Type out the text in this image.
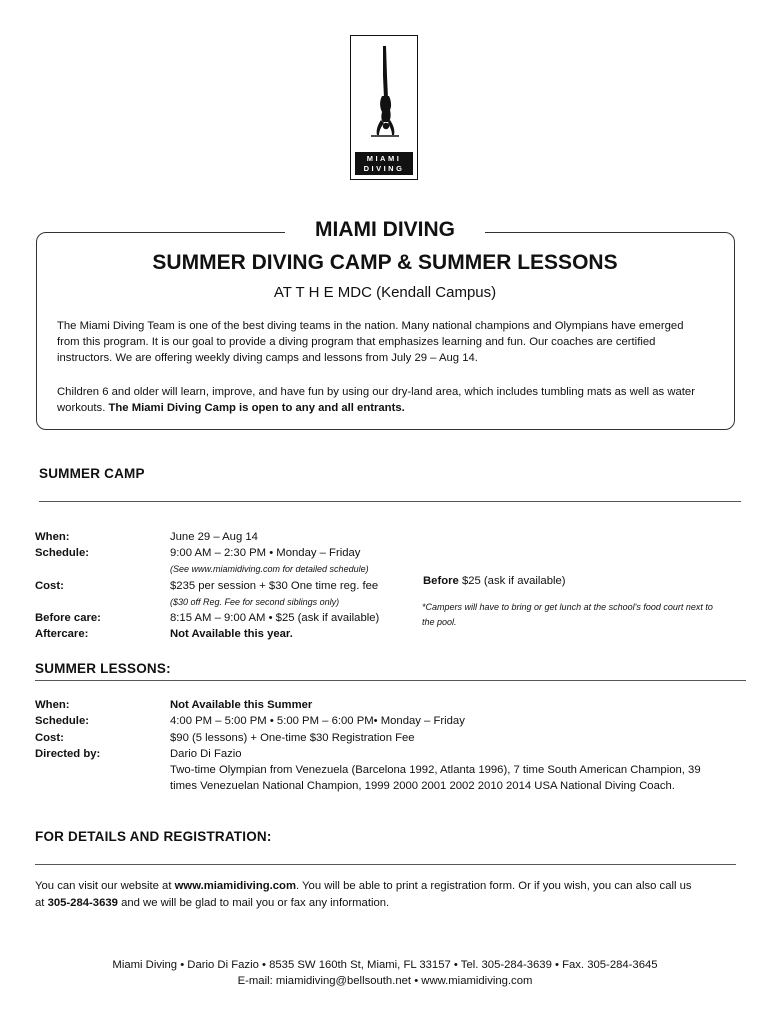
MIAMI
DIVING
MIAMI DIVING
SUMMER DIVING CAMP & SUMMER LESSONS
AT T H E MDC (Kendall Campus)
The Miami Diving Team is one of the best diving teams in the nation. Many national champions and Olympians have emerged
from this program. It is our goal to provide a diving program that emphasizes learning and fun. Our coaches are certified
instructors. We are offering weekly diving camps and lessons from July 29 – Aug 14.
Children 6 and older will learn, improve, and have fun by using our dry-land area, which includes tumbling mats as well as water
workouts. The Miami Diving Camp is open to any and all entrants.
SUMMER CAMP
When:	June 29 – Aug 14
Schedule:	9:00 AM – 2:30 PM • Monday – Friday
(See www.miamidiving.com for detailed schedule)
Cost:	$235 per session + $30 One time reg. fee
($30 off Reg. Fee for second siblings only)
Before care:	8:15 AM – 9:00 AM • $25 (ask if available)
Aftercare:	Not Available this year.
Before $25 (ask if available)
*Campers will have to bring or get lunch at the school's food court next to
the pool.
SUMMER LESSONS:
When:	Not Available this Summer
Schedule:	4:00 PM – 5:00 PM • 5:00 PM – 6:00 PM• Monday – Friday
Cost:	$90 (5 lessons) + One-time $30 Registration Fee
Directed by:	Dario Di Fazio
Two-time Olympian from Venezuela (Barcelona 1992, Atlanta 1996), 7 time South American Champion, 39
times Venezuelan National Champion, 1999 2000 2001 2002 2010 2014 USA National Diving Coach.
FOR DETAILS AND REGISTRATION:
You can visit our website at www.miamidiving.com. You will be able to print a registration form. Or if you wish, you can also call us
at 305-284-3639 and we will be glad to mail you or fax any information.
Miami Diving • Dario Di Fazio • 8535 SW 160th St, Miami, FL 33157 • Tel. 305-284-3639 • Fax. 305-284-3645
E-mail: miamidiving@bellsouth.net • www.miamidiving.com
